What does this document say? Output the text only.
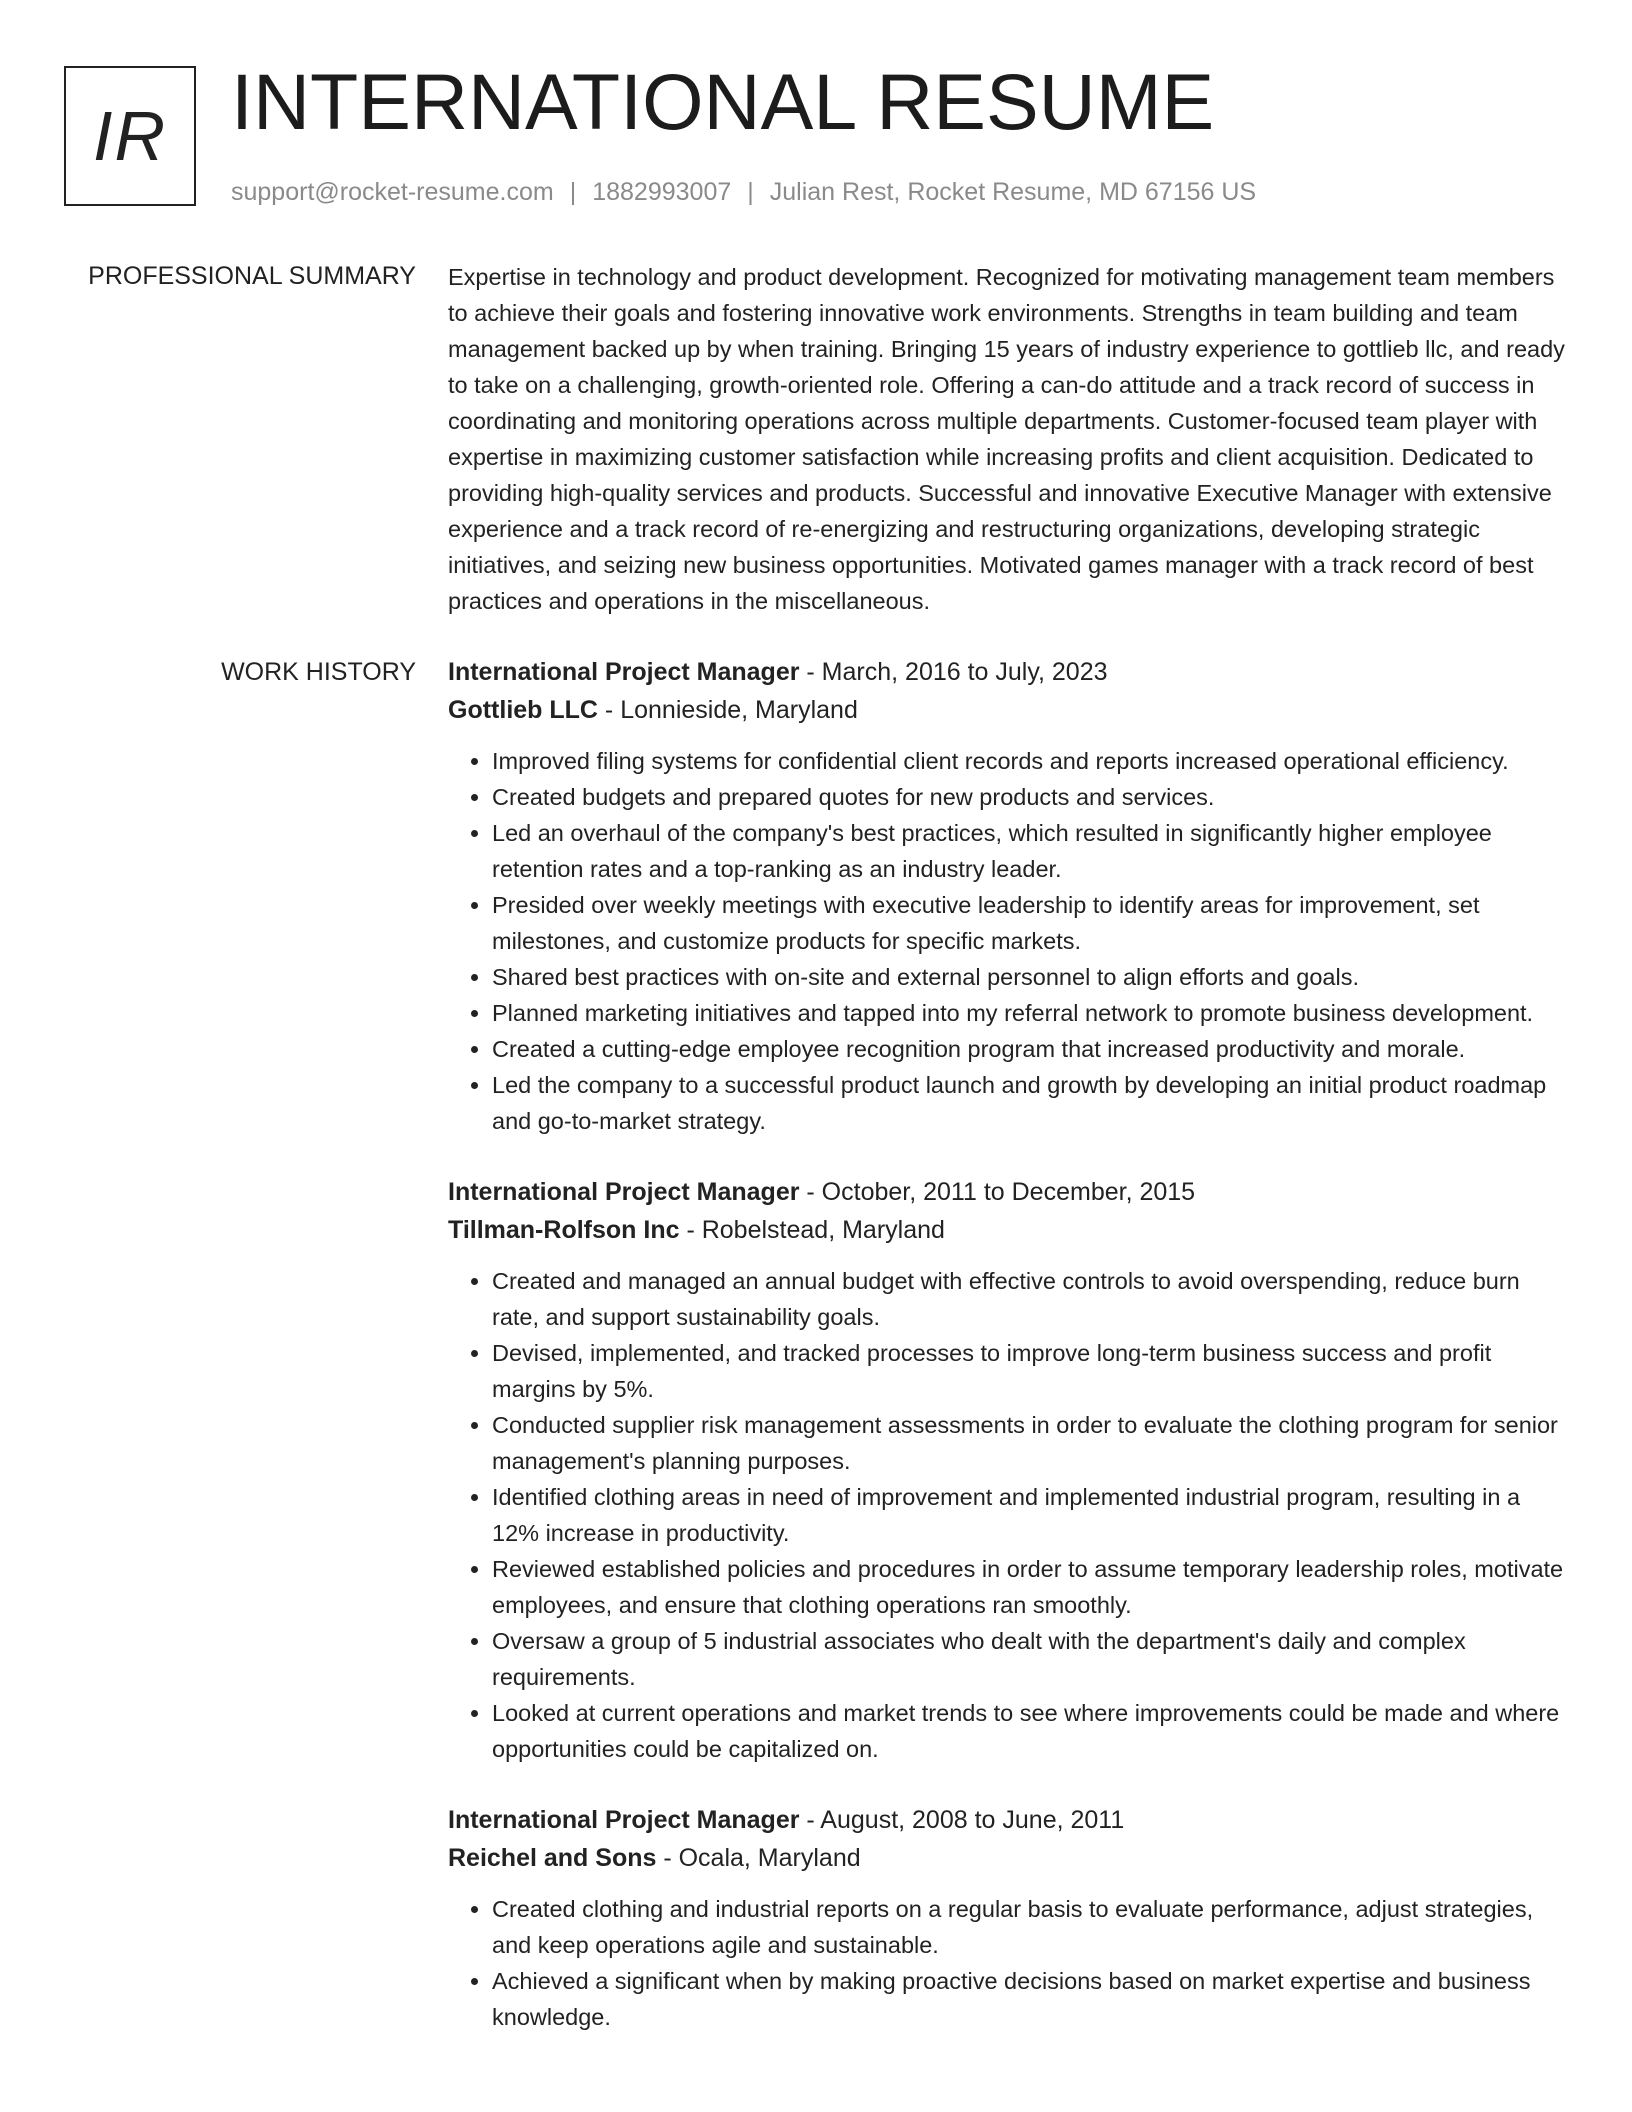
IR INTERNATIONAL RESUME
support@rocket-resume.com | 1882993007 | Julian Rest, Rocket Resume, MD 67156 US
PROFESSIONAL SUMMARY Expertise in technology and product development. Recognized for motivating management team members to achieve their goals and fostering innovative work environments. Strengths in team building and team management backed up by when training. Bringing 15 years of industry experience to gottlieb llc, and ready to take on a challenging, growth-oriented role. Offering a can-do attitude and a track record of success in coordinating and monitoring operations across multiple departments. Customer-focused team player with expertise in maximizing customer satisfaction while increasing profits and client acquisition. Dedicated to providing high-quality services and products. Successful and innovative Executive Manager with extensive experience and a track record of re-energizing and restructuring organizations, developing strategic initiatives, and seizing new business opportunities. Motivated games manager with a track record of best practices and operations in the miscellaneous.

WORK HISTORY International Project Manager - March, 2016 to July, 2023
Gottlieb LLC - Lonnieside, Maryland
• Improved filing systems for confidential client records and reports increased operational efficiency.
• Created budgets and prepared quotes for new products and services.
• Led an overhaul of the company's best practices, which resulted in significantly higher employee retention rates and a top-ranking as an industry leader.
• Presided over weekly meetings with executive leadership to identify areas for improvement, set milestones, and customize products for specific markets.
• Shared best practices with on-site and external personnel to align efforts and goals.
• Planned marketing initiatives and tapped into my referral network to promote business development.
• Created a cutting-edge employee recognition program that increased productivity and morale.
• Led the company to a successful product launch and growth by developing an initial product roadmap and go-to-market strategy.
International Project Manager - October, 2011 to December, 2015
Tillman-Rolfson Inc - Robelstead, Maryland
• Created and managed an annual budget with effective controls to avoid overspending, reduce burn rate, and support sustainability goals.
• Devised, implemented, and tracked processes to improve long-term business success and profit margins by 5%.
• Conducted supplier risk management assessments in order to evaluate the clothing program for senior management's planning purposes.
• Identified clothing areas in need of improvement and implemented industrial program, resulting in a 12% increase in productivity.
• Reviewed established policies and procedures in order to assume temporary leadership roles, motivate employees, and ensure that clothing operations ran smoothly.
• Oversaw a group of 5 industrial associates who dealt with the department's daily and complex requirements.
• Looked at current operations and market trends to see where improvements could be made and where opportunities could be capitalized on.
International Project Manager - August, 2008 to June, 2011
Reichel and Sons - Ocala, Maryland
• Created clothing and industrial reports on a regular basis to evaluate performance, adjust strategies, and keep operations agile and sustainable.
• Achieved a significant when by making proactive decisions based on market expertise and business knowledge.
